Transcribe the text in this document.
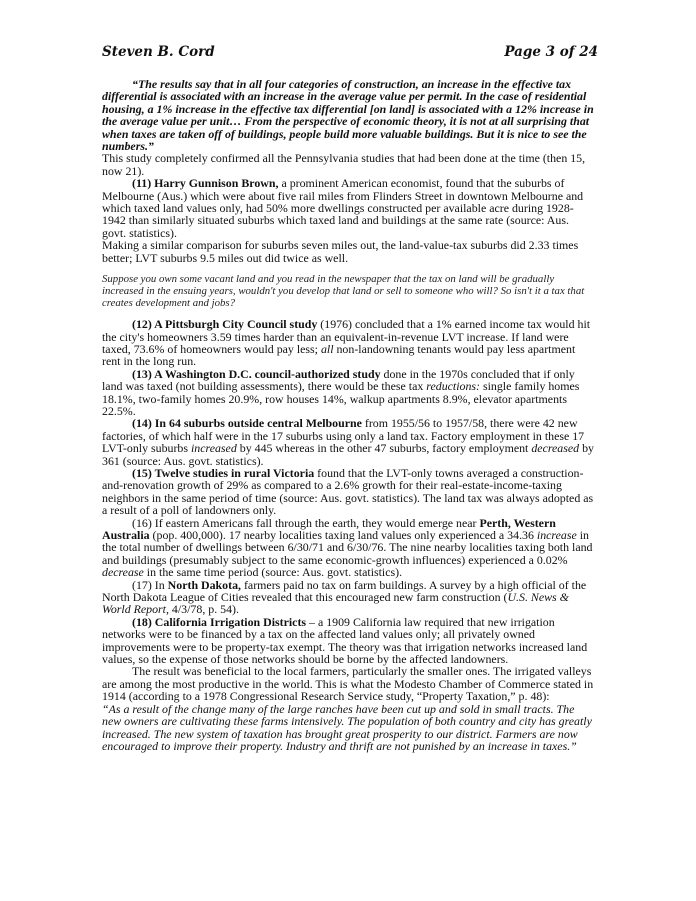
Steven B. Cord	Page 3 of 24

“The results say that in all four categories of construction, an increase in the effective tax differential is associated with an increase in the average value per permit. In the case of residential housing, a 1% increase in the effective tax differential [on land] is associated with a 12% increase in the average value per unit… From the perspective of economic theory, it is not at all surprising that when taxes are taken off of buildings, people build more valuable buildings. But it is nice to see the numbers.”

This study completely confirmed all the Pennsylvania studies that had been done at the time (then 15, now 21).

(11) Harry Gunnison Brown, a prominent American economist, found that the suburbs of Melbourne (Aus.) which were about five rail miles from Flinders Street in downtown Melbourne and which taxed land values only, had 50% more dwellings constructed per available acre during 1928-1942 than similarly situated suburbs which taxed land and buildings at the same rate (source: Aus. govt. statistics).

Making a similar comparison for suburbs seven miles out, the land-value-tax suburbs did 2.33 times better; LVT suburbs 9.5 miles out did twice as well.

Suppose you own some vacant land and you read in the newspaper that the tax on land will be gradually increased in the ensuing years, wouldn't you develop that land or sell to someone who will? So isn't it a tax that creates development and jobs?

(12) A Pittsburgh City Council study (1976) concluded that a 1% earned income tax would hit the city's homeowners 3.59 times harder than an equivalent-in-revenue LVT increase. If land were taxed, 73.6% of homeowners would pay less; all non-landowning tenants would pay less apartment rent in the long run.

(13) A Washington D.C. council-authorized study done in the 1970s concluded that if only land was taxed (not building assessments), there would be these tax reductions: single family homes 18.1%, two-family homes 20.9%, row houses 14%, walkup apartments 8.9%, elevator apartments 22.5%.

(14) In 64 suburbs outside central Melbourne from 1955/56 to 1957/58, there were 42 new factories, of which half were in the 17 suburbs using only a land tax. Factory employment in these 17 LVT-only suburbs increased by 445 whereas in the other 47 suburbs, factory employment decreased by 361 (source: Aus. govt. statistics).

(15) Twelve studies in rural Victoria found that the LVT-only towns averaged a construction-and-renovation growth of 29% as compared to a 2.6% growth for their real-estate-income-taxing neighbors in the same period of time (source: Aus. govt. statistics). The land tax was always adopted as a result of a poll of landowners only.

(16) If eastern Americans fall through the earth, they would emerge near Perth, Western Australia (pop. 400,000). 17 nearby localities taxing land values only experienced a 34.36 increase in the total number of dwellings between 6/30/71 and 6/30/76. The nine nearby localities taxing both land and buildings (presumably subject to the same economic-growth influences) experienced a 0.02% decrease in the same time period (source: Aus. govt. statistics).

(17) In North Dakota, farmers paid no tax on farm buildings. A survey by a high official of the North Dakota League of Cities revealed that this encouraged new farm construction (U.S. News & World Report, 4/3/78, p. 54).

(18) California Irrigation Districts – a 1909 California law required that new irrigation networks were to be financed by a tax on the affected land values only; all privately owned improvements were to be property-tax exempt. The theory was that irrigation networks increased land values, so the expense of those networks should be borne by the affected landowners.

The result was beneficial to the local farmers, particularly the smaller ones. The irrigated valleys are among the most productive in the world. This is what the Modesto Chamber of Commerce stated in 1914 (according to a 1978 Congressional Research Service study, “Property Taxation,” p. 48):

“As a result of the change many of the large ranches have been cut up and sold in small tracts. The new owners are cultivating these farms intensively. The population of both country and city has greatly increased. The new system of taxation has brought great prosperity to our district. Farmers are now encouraged to improve their property. Industry and thrift are not punished by an increase in taxes.”
